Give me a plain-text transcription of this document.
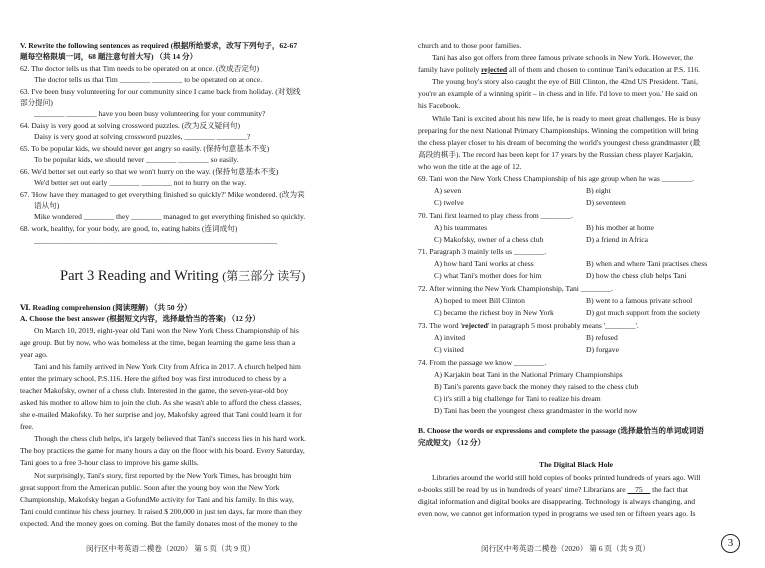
V. Rewrite the following sentences as required (根据所给要求，改写下列句子，62-67
题每空格限填一词，68 题注意句首大写) （共 14 分）
62. The doctor tells us that Tim needs to be operated on at once. (改成否定句)
The doctor tells us that Tim ________ ________ to be operated on at once.
63. I've been busy volunteering for our community since I came back from holiday. (对划线
部分提问)
________ ________ have you been busy volunteering for your community?
64. Daisy is very good at solving crossword puzzles. (改为反义疑问句)
Daisy is very good at solving crossword puzzles, ________ ________?
65. To be popular kids, we should never get angry so easily. (保持句意基本不变)
To be popular kids, we should never ________ ________ so easily.
66. We'd better set out early so that we won't hurry on the way. (保持句意基本不变)
We'd better set out early ________ ________ not to hurry on the way.
67. 'How have they managed to get everything finished so quickly?' Mike wondered. (改为宾
语从句)
Mike wondered ________ they ________ managed to get everything finished so quickly.
68. work, healthy, for your body, are good, to, eating habits (连词成句)
________________________________________________________________
Part 3 Reading and Writing (第三部分 读写)
Ⅵ. Reading comprehension (阅读理解) （共 50 分）
A. Choose the best answer (根据短文内容，选择最恰当的答案) （12 分）
On March 10, 2019, eight-year old Tani won the New York Chess Championship of his
age group. But by now, who was homeless at the time, began learning the game less than a
year ago.
Tani and his family arrived in New York City from Africa in 2017. A church helped him
enter the primary school, P.S.116. Here the gifted boy was first introduced to chess by a
teacher Makofsky, owner of a chess club. Interested in the game, the seven-year-old boy
asked his mother to allow him to join the club. As she wasn't able to afford the chess classes,
she e-mailed Makofsky. To her surprise and joy, Makofsky agreed that Tani could learn it for
free.
Though the chess club helps, it's largely believed that Tani's success lies in his hard work.
The boy practices the game for many hours a day on the floor with his board. Every Saturday,
Tani goes to a free 3-hour class to improve his game skills.
Not surprisingly, Tani's story, first reported by the New York Times, has brought him
great support from the American public. Soon after the young boy won the New York
Championship, Makofsky began a GofundMe activity for Tani and his family. In this way,
Tani could continue his chess journey. It raised $ 200,000 in just ten days, far more than they
expected. And the money goes on coming. But the family donates most of the money to the
闵行区中考英语二模卷（2020） 第 5 页（共 9 页）
church and to those poor families.
Tani has also got offers from three famous private schools in New York. However, the
family have politely rejected all of them and chosen to continue Tani's education at P.S. 116.
The young boy's story also caught the eye of Bill Clinton, the 42nd US President. 'Tani,
you're an example of a winning spirit – in chess and in life. I'd love to meet you.' He said on
his Facebook.
While Tani is excited about his new life, he is ready to meet great challenges. He is busy
preparing for the next National Primary Championships. Winning the competition will bring
the chess player closer to his dream of becoming the world's youngest chess grandmaster (最
高段的棋手). The record has been kept for 17 years by the Russian chess player Karjakin,
who won the title at the age of 12.
69. Tani won the New York Chess Championship of his age group when he was ________.
A) seven	B) eight
C) twelve	D) seventeen
70. Tani first learned to play chess from ________.
A) his teammates	B) his mother at home
C) Makofsky, owner of a chess club	D) a friend in Africa
71. Paragraph 3 mainly tells us ________.
A) how hard Tani works at chess	B) when and where Tani practises chess
C) what Tani's mother does for him	D) how the chess club helps Tani
72. After winning the New York Championship, Tani ________.
A) hoped to meet Bill Clinton	B) went to a famous private school
C) became the richest boy in New York	D) got much support from the society
73. The word 'rejected' in paragraph 5 most probably means '________'.
A) invited	B) refused
C) visited	D) forgave
74. From the passage we know ________.
A) Karjakin beat Tani in the National Primary Championships
B) Tani's parents gave back the money they raised to the chess club
C) it's still a big challenge for Tani to realize his dream
D) Tani has been the youngest chess grandmaster in the world now
B. Choose the words or expressions and complete the passage (选择最恰当的单词或词语
完成短文) （12 分）
The Digital Black Hole
Libraries around the world still hold copies of books printed hundreds of years ago. Will
e-books still be read by us in hundreds of years' time? Librarians are     75     the fact that
digital information and digital books are disappearing. Technology is always changing, and
even now, we cannot get information typed in programs we used ten or fifteen years ago. Is
闵行区中考英语二模卷（2020） 第 6 页（共 9 页）	3
